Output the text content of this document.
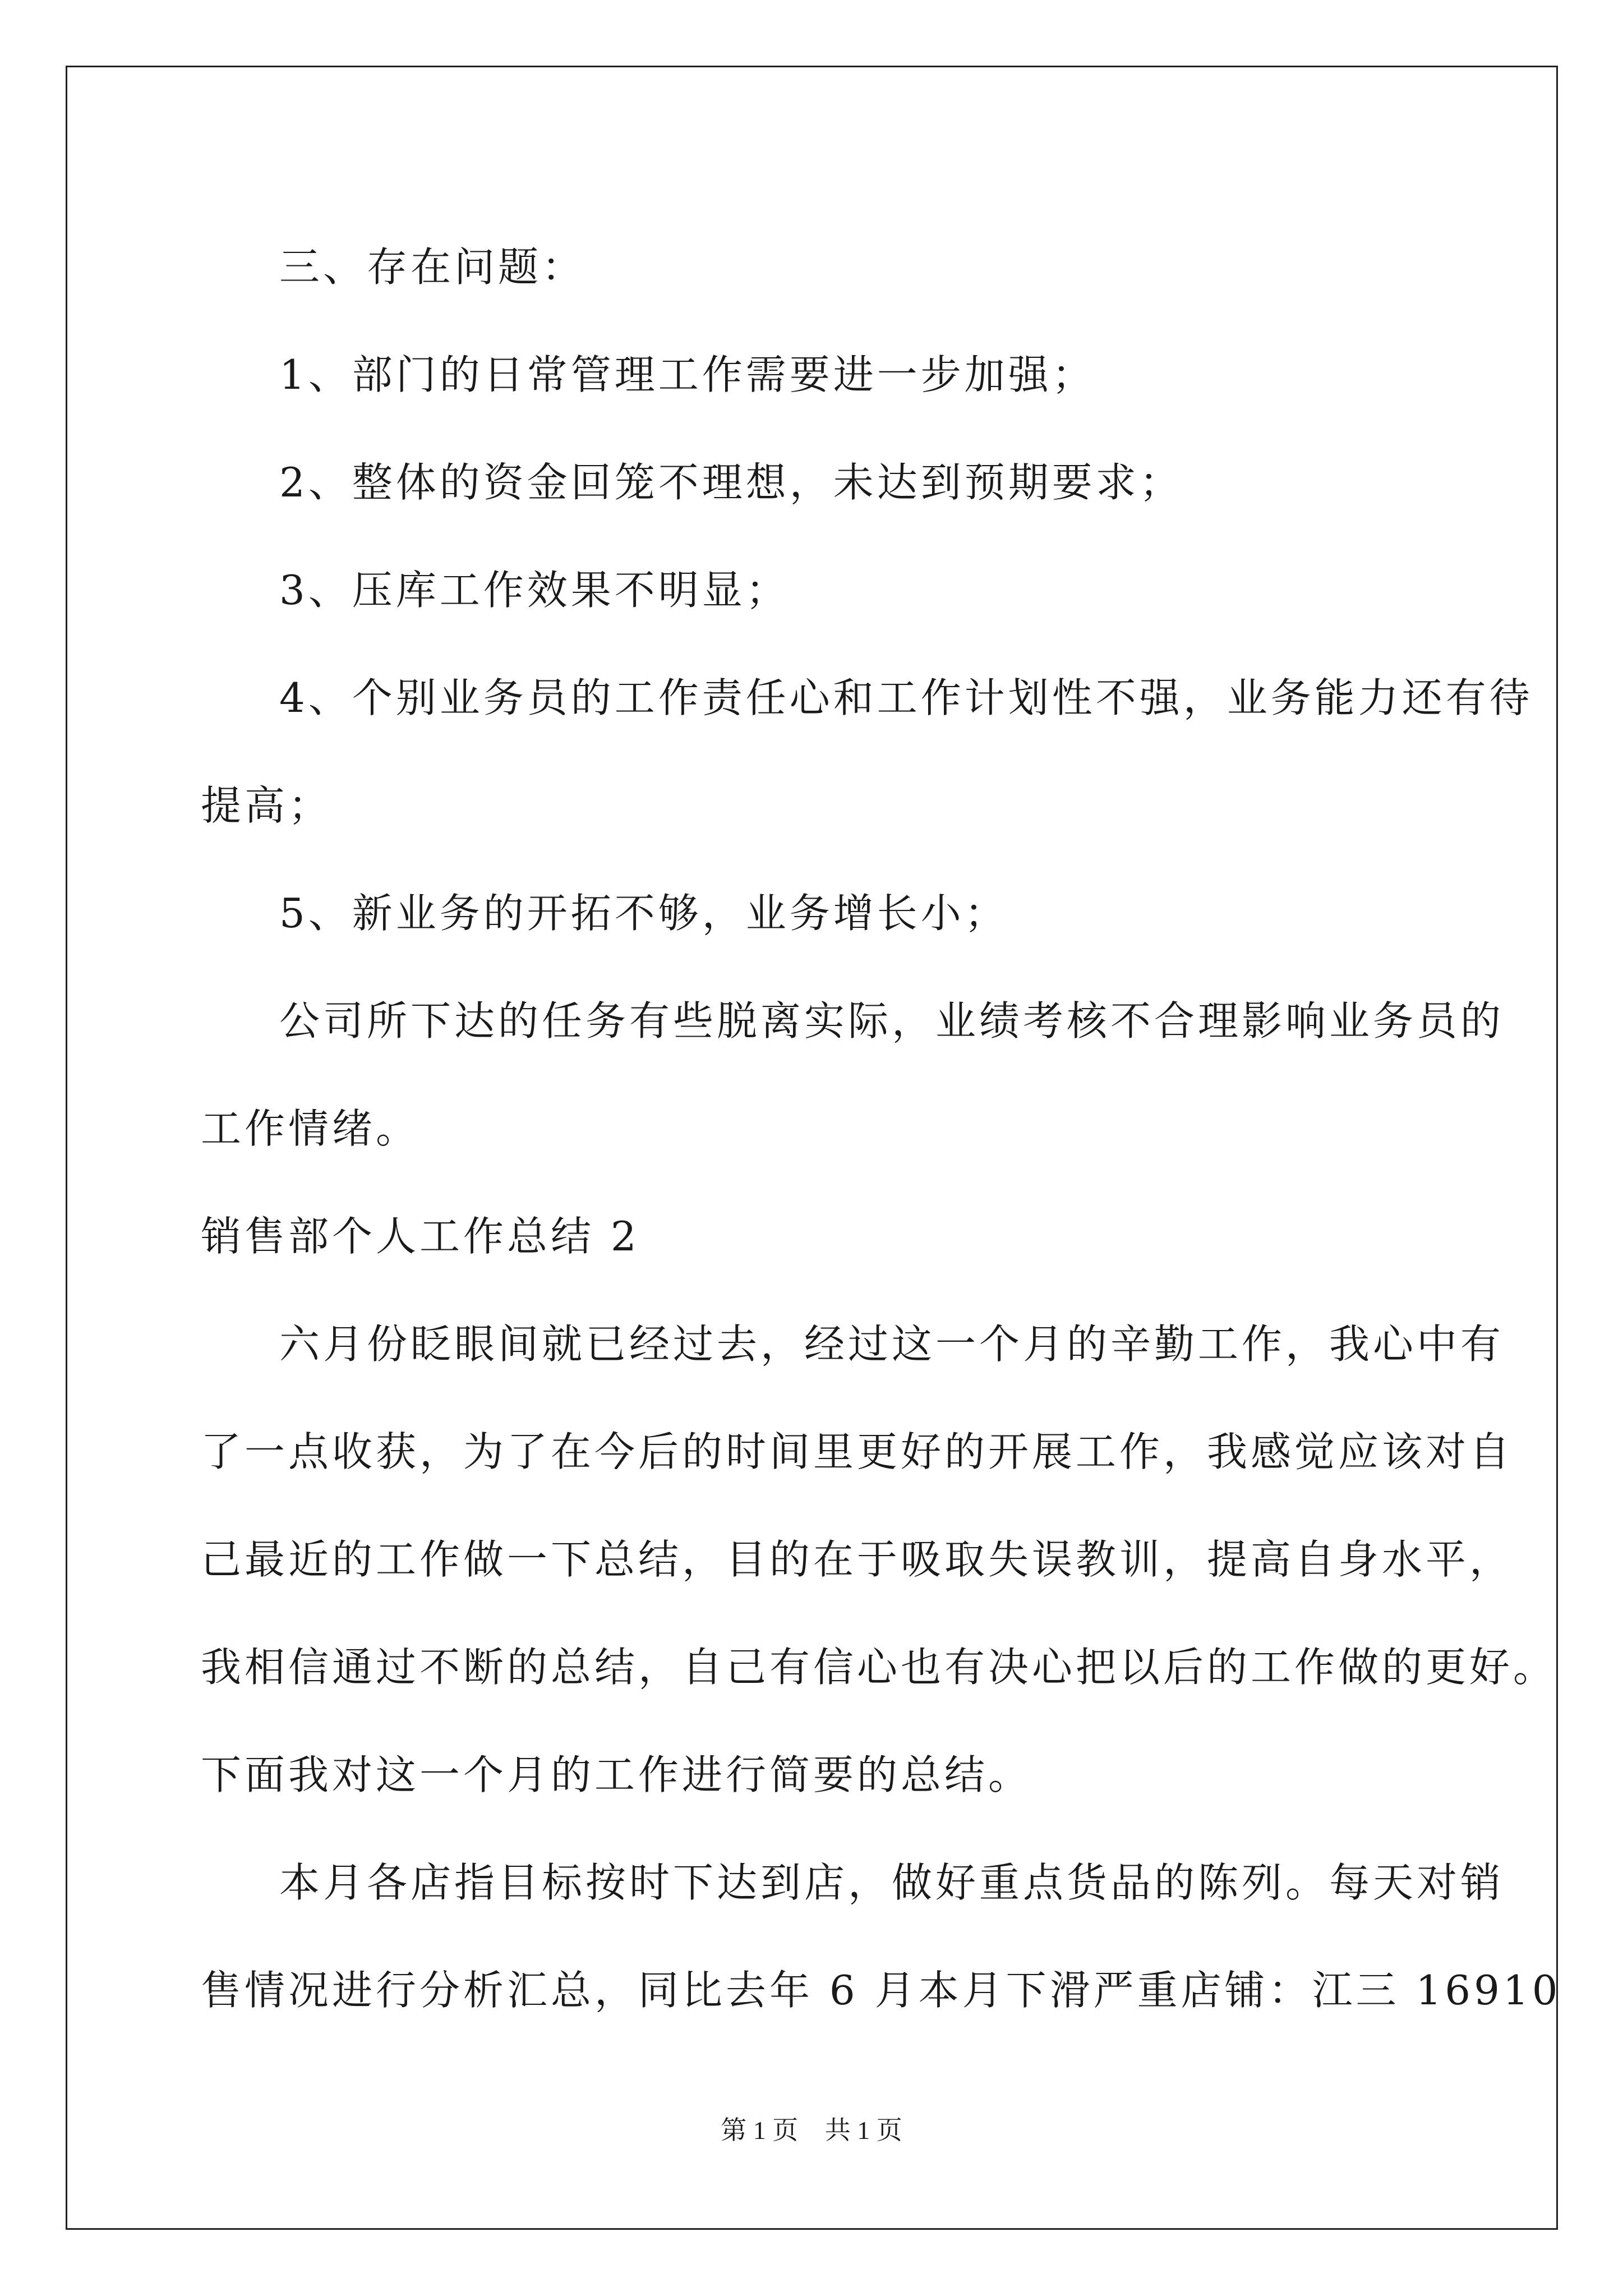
三、存在问题：
1、部门的日常管理工作需要进一步加强；
2、整体的资金回笼不理想，未达到预期要求；
3、压库工作效果不明显；
4、个别业务员的工作责任心和工作计划性不强，业务能力还有待
提高；
5、新业务的开拓不够，业务增长小；
公司所下达的任务有些脱离实际，业绩考核不合理影响业务员的
工作情绪。
销售部个人工作总结 2
六月份眨眼间就已经过去，经过这一个月的辛勤工作，我心中有
了一点收获，为了在今后的时间里更好的开展工作，我感觉应该对自
己最近的工作做一下总结，目的在于吸取失误教训，提高自身水平，
我相信通过不断的总结，自己有信心也有决心把以后的工作做的更好。
下面我对这一个月的工作进行简要的总结。
本月各店指目标按时下达到店，做好重点货品的陈列。每天对销
售情况进行分析汇总，同比去年 6 月本月下滑严重店铺：江三 16910
第 1 页 共 1 页
